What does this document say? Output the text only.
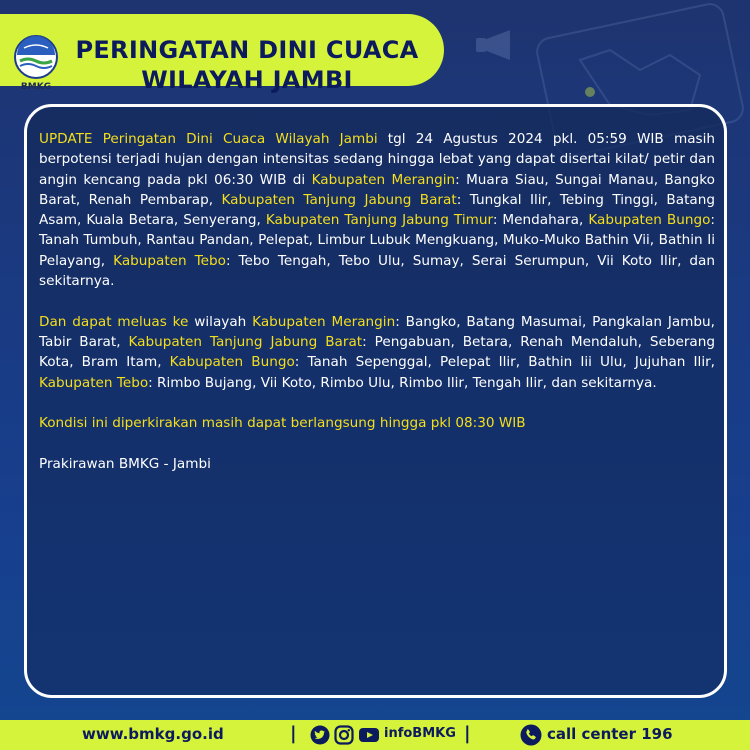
BMKG
PERINGATAN DINI CUACA
WILAYAH JAMBI

UPDATE Peringatan Dini Cuaca Wilayah Jambi tgl 24 Agustus 2024 pkl. 05:59 WIB masih berpotensi terjadi hujan dengan intensitas sedang hingga lebat yang dapat disertai kilat/ petir dan angin kencang pada pkl 06:30 WIB di Kabupaten Merangin: Muara Siau, Sungai Manau, Bangko Barat, Renah Pembarap, Kabupaten Tanjung Jabung Barat: Tungkal Ilir, Tebing Tinggi, Batang Asam, Kuala Betara, Senyerang, Kabupaten Tanjung Jabung Timur: Mendahara, Kabupaten Bungo: Tanah Tumbuh, Rantau Pandan, Pelepat, Limbur Lubuk Mengkuang, Muko-Muko Bathin Vii, Bathin Ii Pelayang, Kabupaten Tebo: Tebo Tengah, Tebo Ulu, Sumay, Serai Serumpun, Vii Koto Ilir, dan sekitarnya.

Dan dapat meluas ke wilayah Kabupaten Merangin: Bangko, Batang Masumai, Pangkalan Jambu, Tabir Barat, Kabupaten Tanjung Jabung Barat: Pengabuan, Betara, Renah Mendaluh, Seberang Kota, Bram Itam, Kabupaten Bungo: Tanah Sepenggal, Pelepat Ilir, Bathin Iii Ulu, Jujuhan Ilir, Kabupaten Tebo: Rimbo Bujang, Vii Koto, Rimbo Ulu, Rimbo Ilir, Tengah Ilir, dan sekitarnya.

Kondisi ini diperkirakan masih dapat berlangsung hingga pkl 08:30 WIB

Prakirawan BMKG - Jambi

www.bmkg.go.id	|	infoBMKG |	call center 196
